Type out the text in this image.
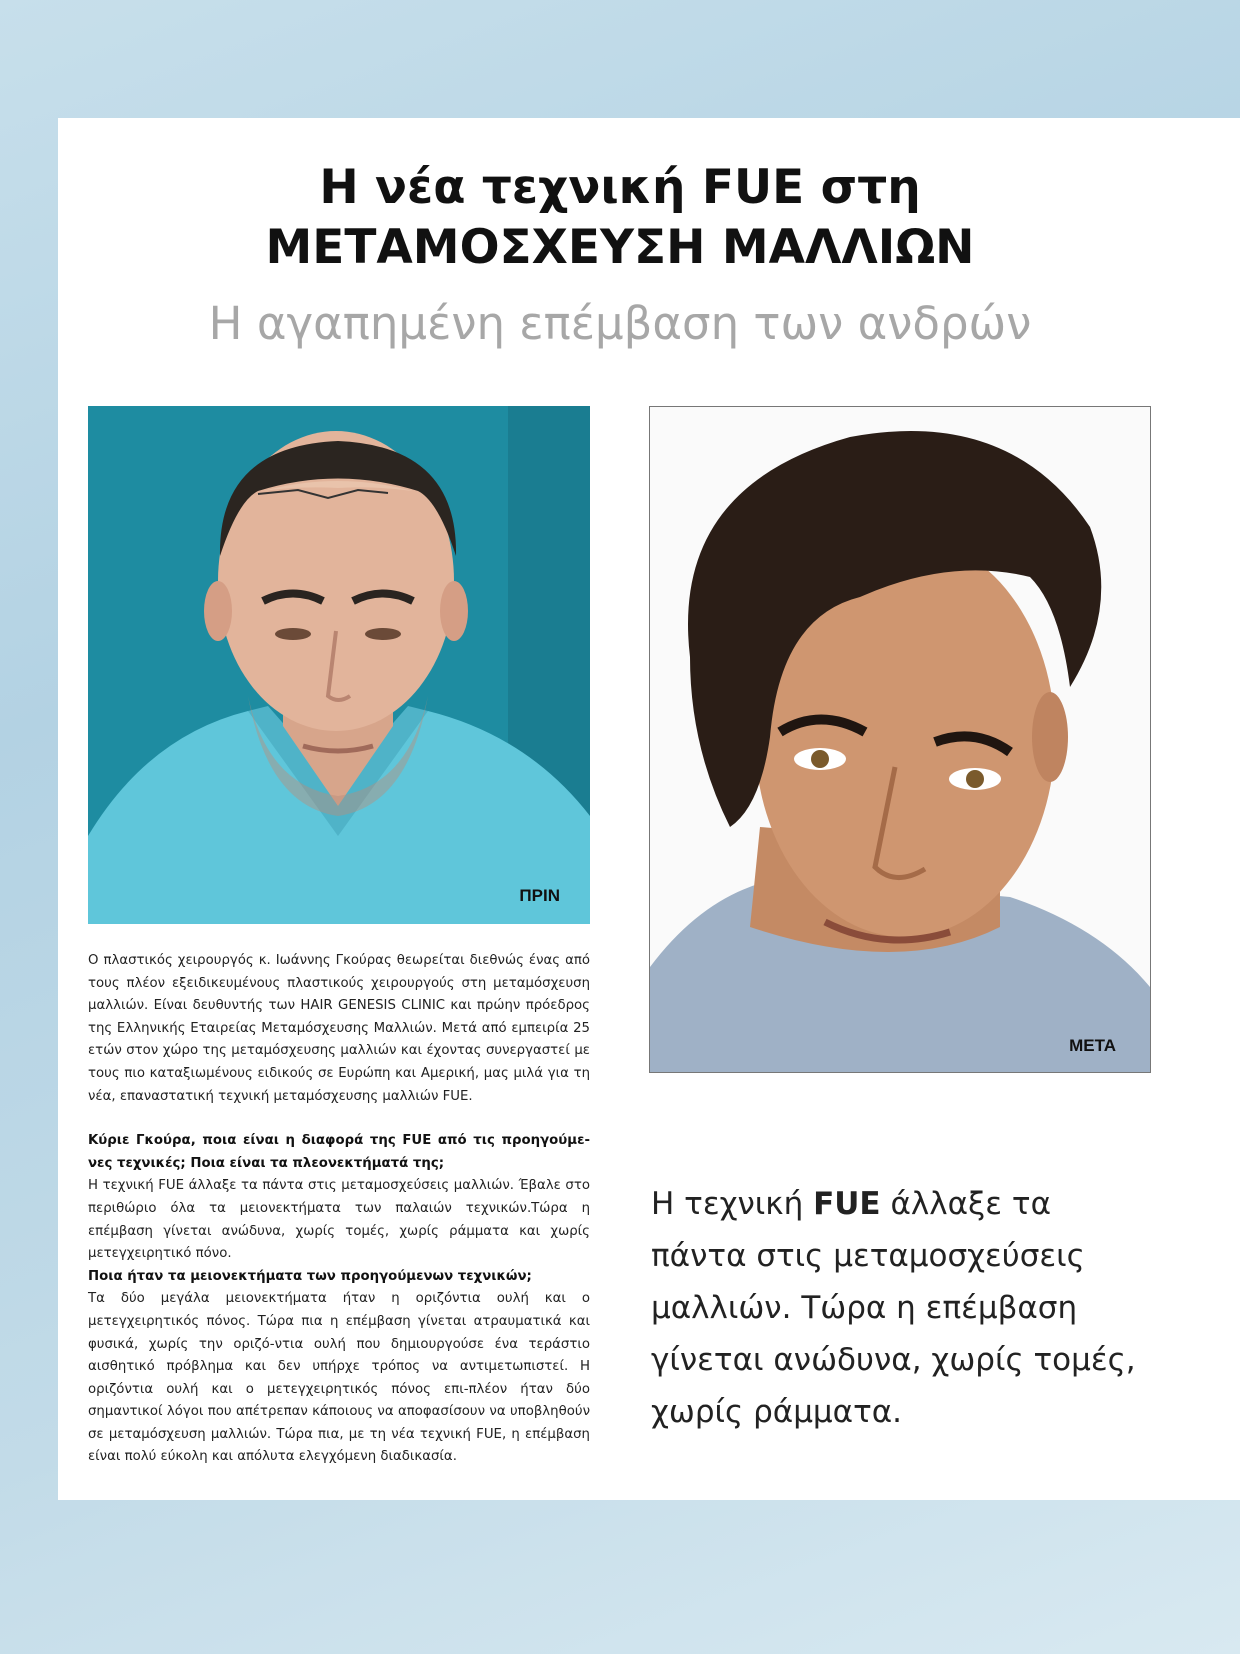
Η νέα τεχνική FUE στη
ΜΕΤΑΜΟΣΧΕΥΣΗ ΜΑΛΛΙΩΝ
Η αγαπημένη επέμβαση των ανδρών
ΠΡΙΝ
ΜΕΤΑ

Ο πλαστικός χειρουργός κ. Ιωάννης Γκούρας θεωρείται διεθνώς ένας από τους πλέον εξειδικευμένους πλαστικούς χειρουργούς στη μεταμόσχευση μαλλιών. Είναι δευθυντής των HAIR GENESIS CLINIC και πρώην πρόεδρος της Ελληνικής Εταιρείας Μεταμόσχευσης Μαλλιών. Μετά από εμπειρία 25 ετών στον χώρο της μεταμόσχευσης μαλλιών και έχοντας συνεργαστεί με τους πιο καταξιωμένους ειδικούς σε Ευρώπη και Αμερική, μας μιλά για τη νέα, επαναστατική τεχνική μεταμόσχευσης μαλλιών FUE.

Κύριε Γκούρα, ποια είναι η διαφορά της FUE από τις προηγούμε-νες τεχνικές; Ποια είναι τα πλεονεκτήματά της;

Η τεχνική FUE άλλαξε τα πάντα στις μεταμοσχεύσεις μαλλιών. Έβαλε στο περιθώριο όλα τα μειονεκτήματα των παλαιών τεχνικών.Τώρα η επέμβαση γίνεται ανώδυνα, χωρίς τομές, χωρίς ράμματα και χωρίς μετεγχειρητικό πόνο.

Ποια ήταν τα μειονεκτήματα των προηγούμενων τεχνικών;

Τα δύο μεγάλα μειονεκτήματα ήταν η οριζόντια ουλή και ο μετεγχειρητικός πόνος. Τώρα πια η επέμβαση γίνεται ατραυματικά και φυσικά, χωρίς την οριζό-ντια ουλή που δημιουργούσε ένα τεράστιο αισθητικό πρόβλημα και δεν υπήρχε τρόπος να αντιμετωπιστεί. Η οριζόντια ουλή και ο μετεγχειρητικός πόνος επι-πλέον ήταν δύο σημαντικοί λόγοι που απέτρεπαν κάποιους να αποφασίσουν να υποβληθούν σε μεταμόσχευση μαλλιών. Τώρα πια, με τη νέα τεχνική FUE, η επέμβαση είναι πολύ εύκολη και απόλυτα ελεγχόμενη διαδικασία.

Η τεχνική FUE άλλαξε τα πάντα στις μεταμοσχεύσεις μαλλιών. Τώρα η επέμβαση γίνεται ανώδυνα, χωρίς τομές, χωρίς ράμματα.
